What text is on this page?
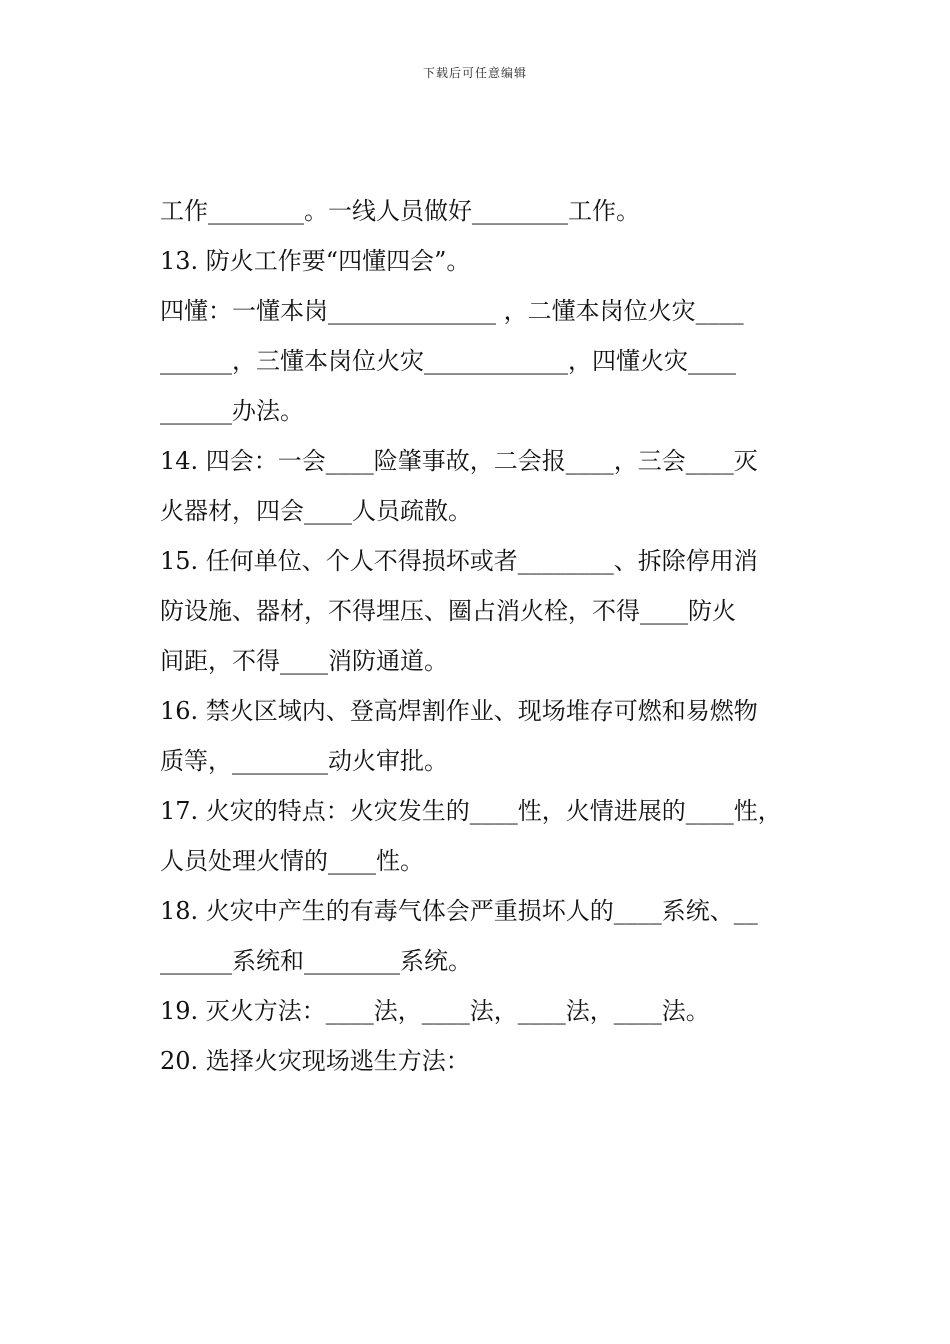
下载后可任意编辑
工作________。一线人员做好________工作。
13. 防火工作要“四懂四会”。
四懂：一懂本岗______________ ，二懂本岗位火灾____
______，三懂本岗位火灾____________，四懂火灾____
______办法。
14. 四会：一会____险肇事故，二会报____，三会____灭
火器材，四会____人员疏散。
15. 任何单位、个人不得损坏或者________、拆除停用消
防设施、器材，不得埋压、圈占消火栓，不得____防火
间距，不得____消防通道。
16. 禁火区域内、登高焊割作业、现场堆存可燃和易燃物
质等，________动火审批。
17. 火灾的特点：火灾发生的____性，火情进展的____性，
人员处理火情的____性。
18. 火灾中产生的有毒气体会严重损坏人的____系统、__
______系统和________系统。
19. 灭火方法：____法，____法，____法，____法。
20. 选择火灾现场逃生方法：
